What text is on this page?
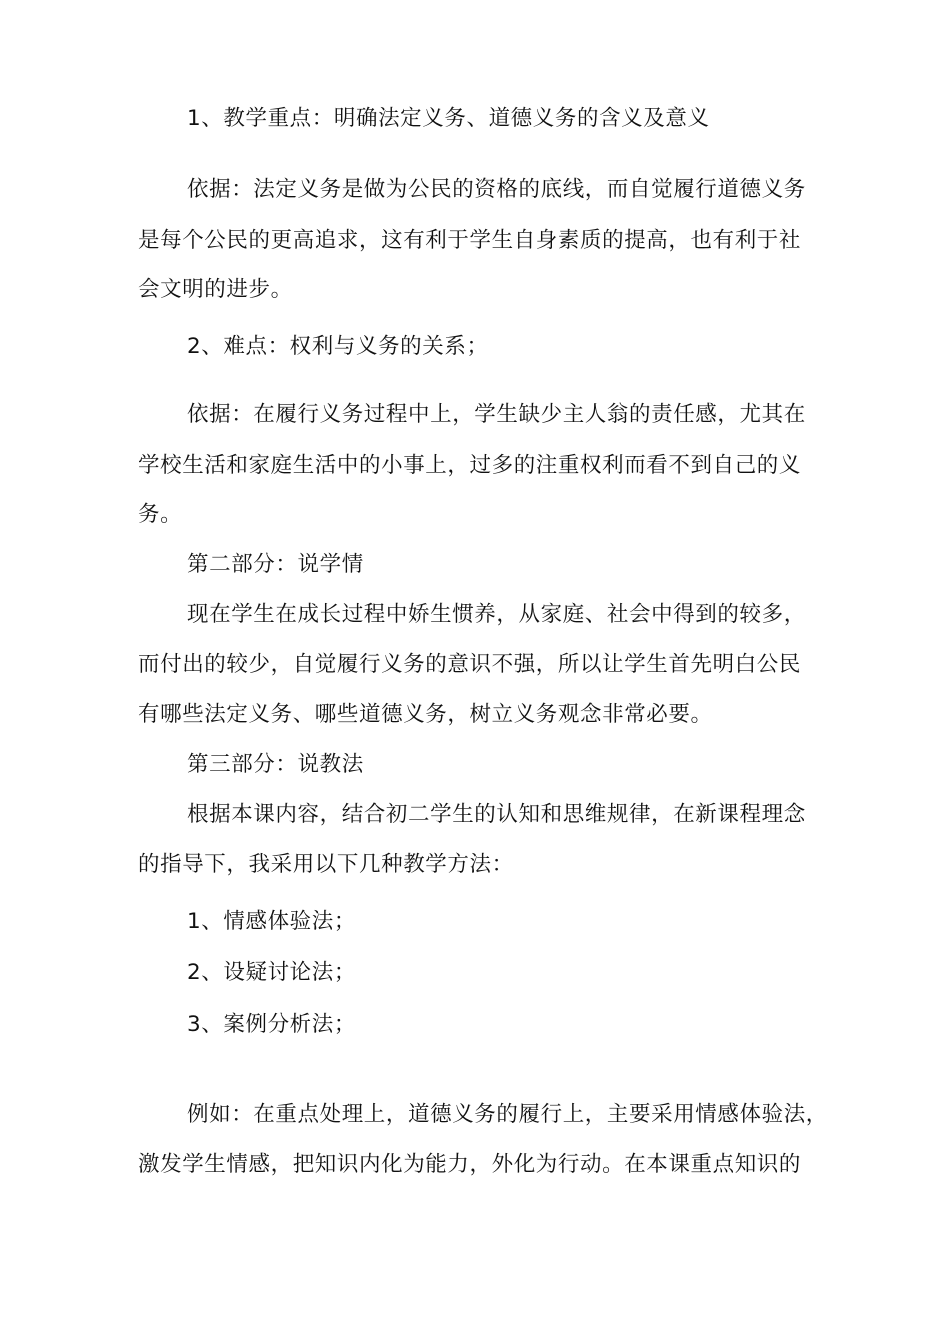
1、教学重点：明确法定义务、道德义务的含义及意义

依据：法定义务是做为公民的资格的底线，而自觉履行道德义务

是每个公民的更高追求，这有利于学生自身素质的提高，也有利于社

会文明的进步。

2、难点：权利与义务的关系；

依据：在履行义务过程中上，学生缺少主人翁的责任感，尤其在

学校生活和家庭生活中的小事上，过多的注重权利而看不到自己的义

务。

第二部分：说学情

现在学生在成长过程中娇生惯养，从家庭、社会中得到的较多，

而付出的较少，自觉履行义务的意识不强，所以让学生首先明白公民

有哪些法定义务、哪些道德义务，树立义务观念非常必要。

第三部分：说教法

根据本课内容，结合初二学生的认知和思维规律，在新课程理念

的指导下，我采用以下几种教学方法：

1、情感体验法；

2、设疑讨论法；

3、案例分析法；

例如：在重点处理上，道德义务的履行上，主要采用情感体验法，

激发学生情感，把知识内化为能力，外化为行动。在本课重点知识的
